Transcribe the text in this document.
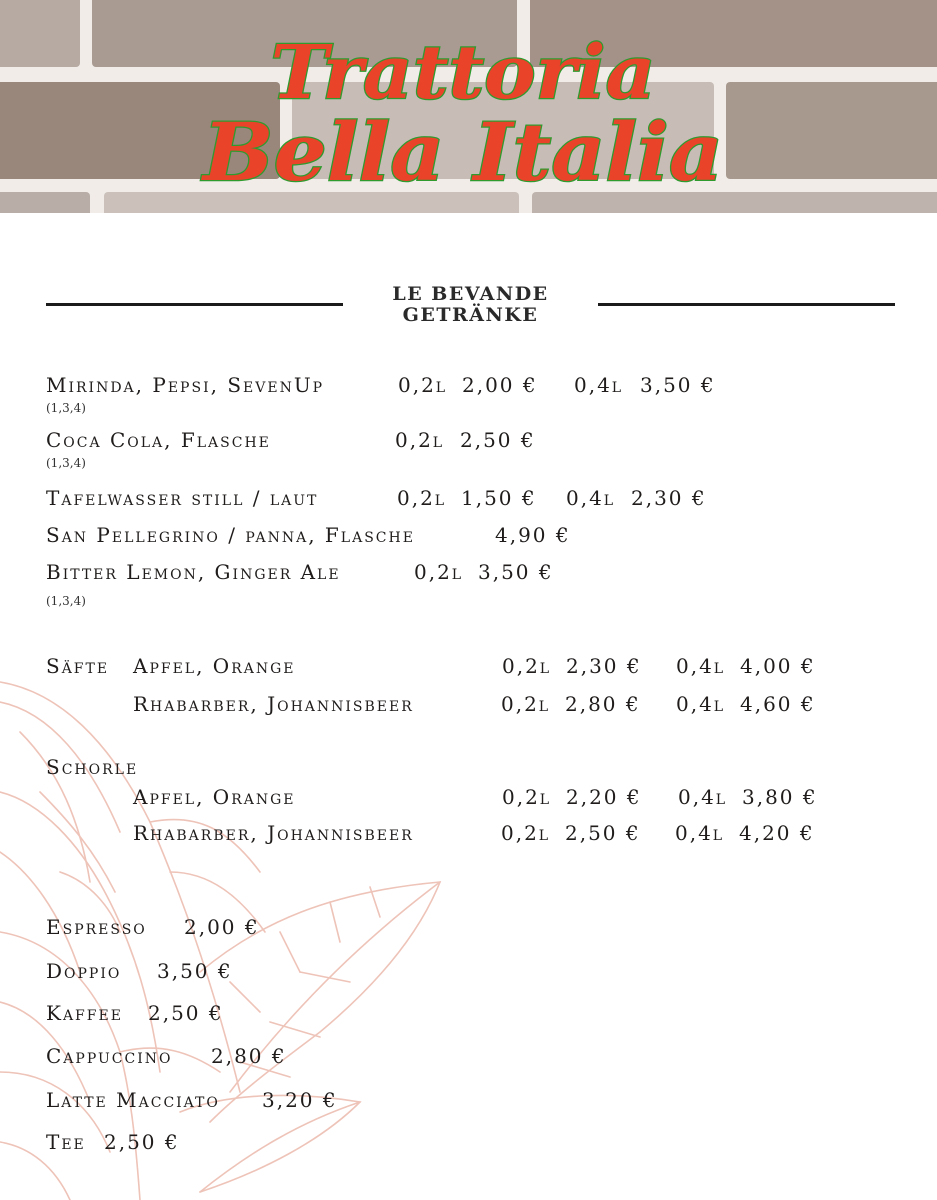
Trattoria
Bella Italia
LE BEVANDE
GETRÄNKE
Mirinda, Pepsi, SevenUp	0,2l 2,00 € 0,4l 3,50 €
(1,3,4)
Coca Cola, Flasche	0,2l 2,50 €
(1,3,4)
Tafelwasser still / laut	0,2l 1,50 € 0,4l 2,30 €
San Pellegrino / panna, Flasche	4,90 €
Bitter Lemon, Ginger Ale	0,2l 3,50 €
(1,3,4)
Säfte Apfel, Orange	0,2l 2,30 € 0,4l 4,00 €
Rhabarber, Johannisbeer	0,2l 2,80 € 0,4l 4,60 €
Schorle
Apfel, Orange	0,2l 2,20 € 0,4l 3,80 €
Rhabarber, Johannisbeer	0,2l 2,50 € 0,4l 4,20 €
Espresso 2,00 €
Doppio 3,50 €
Kaffee 2,50 €
Cappuccino 2,80 €
Latte Macciato 3,20 €
Tee 2,50 €
